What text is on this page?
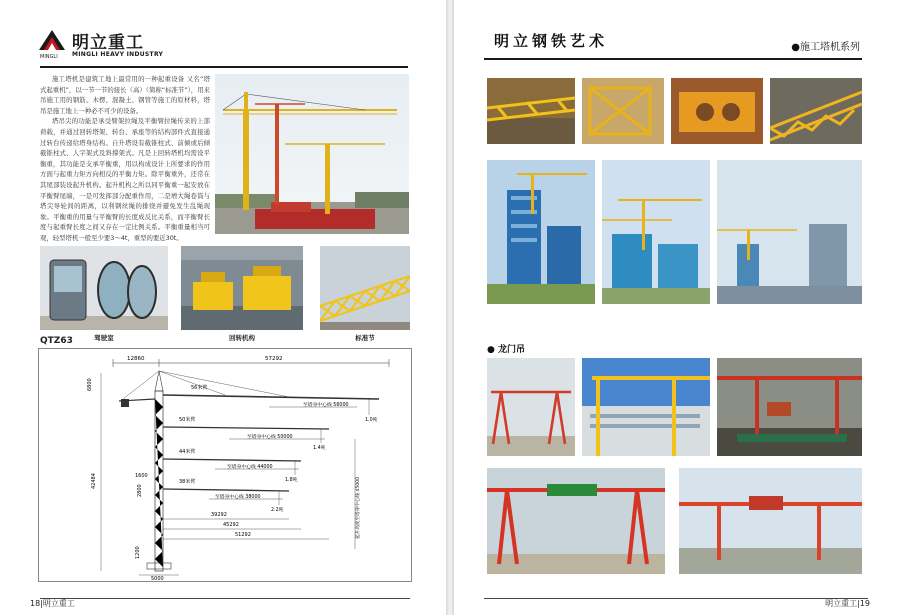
MINGLI
明立重工
MINGLI HEAVY INDUSTRY

施工塔机是建筑工地上最常用的一种起重设备 又名“塔式起重机”，以一节一节的接长（高）（简称“标准节”），用来吊施工用的钢筋、木楞、混凝土、钢管等施工的原材料，塔吊是施工地上一种必不可少的设备。

塔吊尖的功能是承受臂架拉绳及平衡臂拉绳传来的上部荷载，并通过回转塔架、转台、承座等的结构部件式直接通过转台传递给塔身结构。自升塔设有截锥柱式、前倾或后倾截锥柱式、人字架式及斜撑架式。凡是上回转塔机均需设平衡重，其功能是支承平衡重，用以构成设计上所要求的作用方面与起重力矩方向相反的平衡力矩。除平衡重外，还常在其尾部装设起升机构。起升机构之所以同平衡重一起安放在平衡臂尾端，一是可发挥部分配重作用，二是增大绳卷筒与塔尖导轮间的距离，以利钢丝绳的排绕并避免发生乱绳现象。平衡重的用量与平衡臂的长度成反比关系，而平衡臂长度与起重臂长度之间又存在一定比例关系。平衡重量相当可观，轻型塔机一般至少要3～4t，重型的要近30t。

驾驶室	回转机构	标准节
QTZ63
12860	57292
56米臂
至塔身中心线 56000
1.0吨
50米臂
至塔身中心线 50000
1.4吨
44米臂
至塔身中心线 44000
1.8吨
38米臂
至塔身中心线 38000
2.2吨
39292
45292
51292
6800
42484	1600
2800
1200
起升高度至塔身中心线 45000
5000
18|明立重工
明立钢铁艺术	●施工塔机系列
● 龙门吊
明立重工|19
